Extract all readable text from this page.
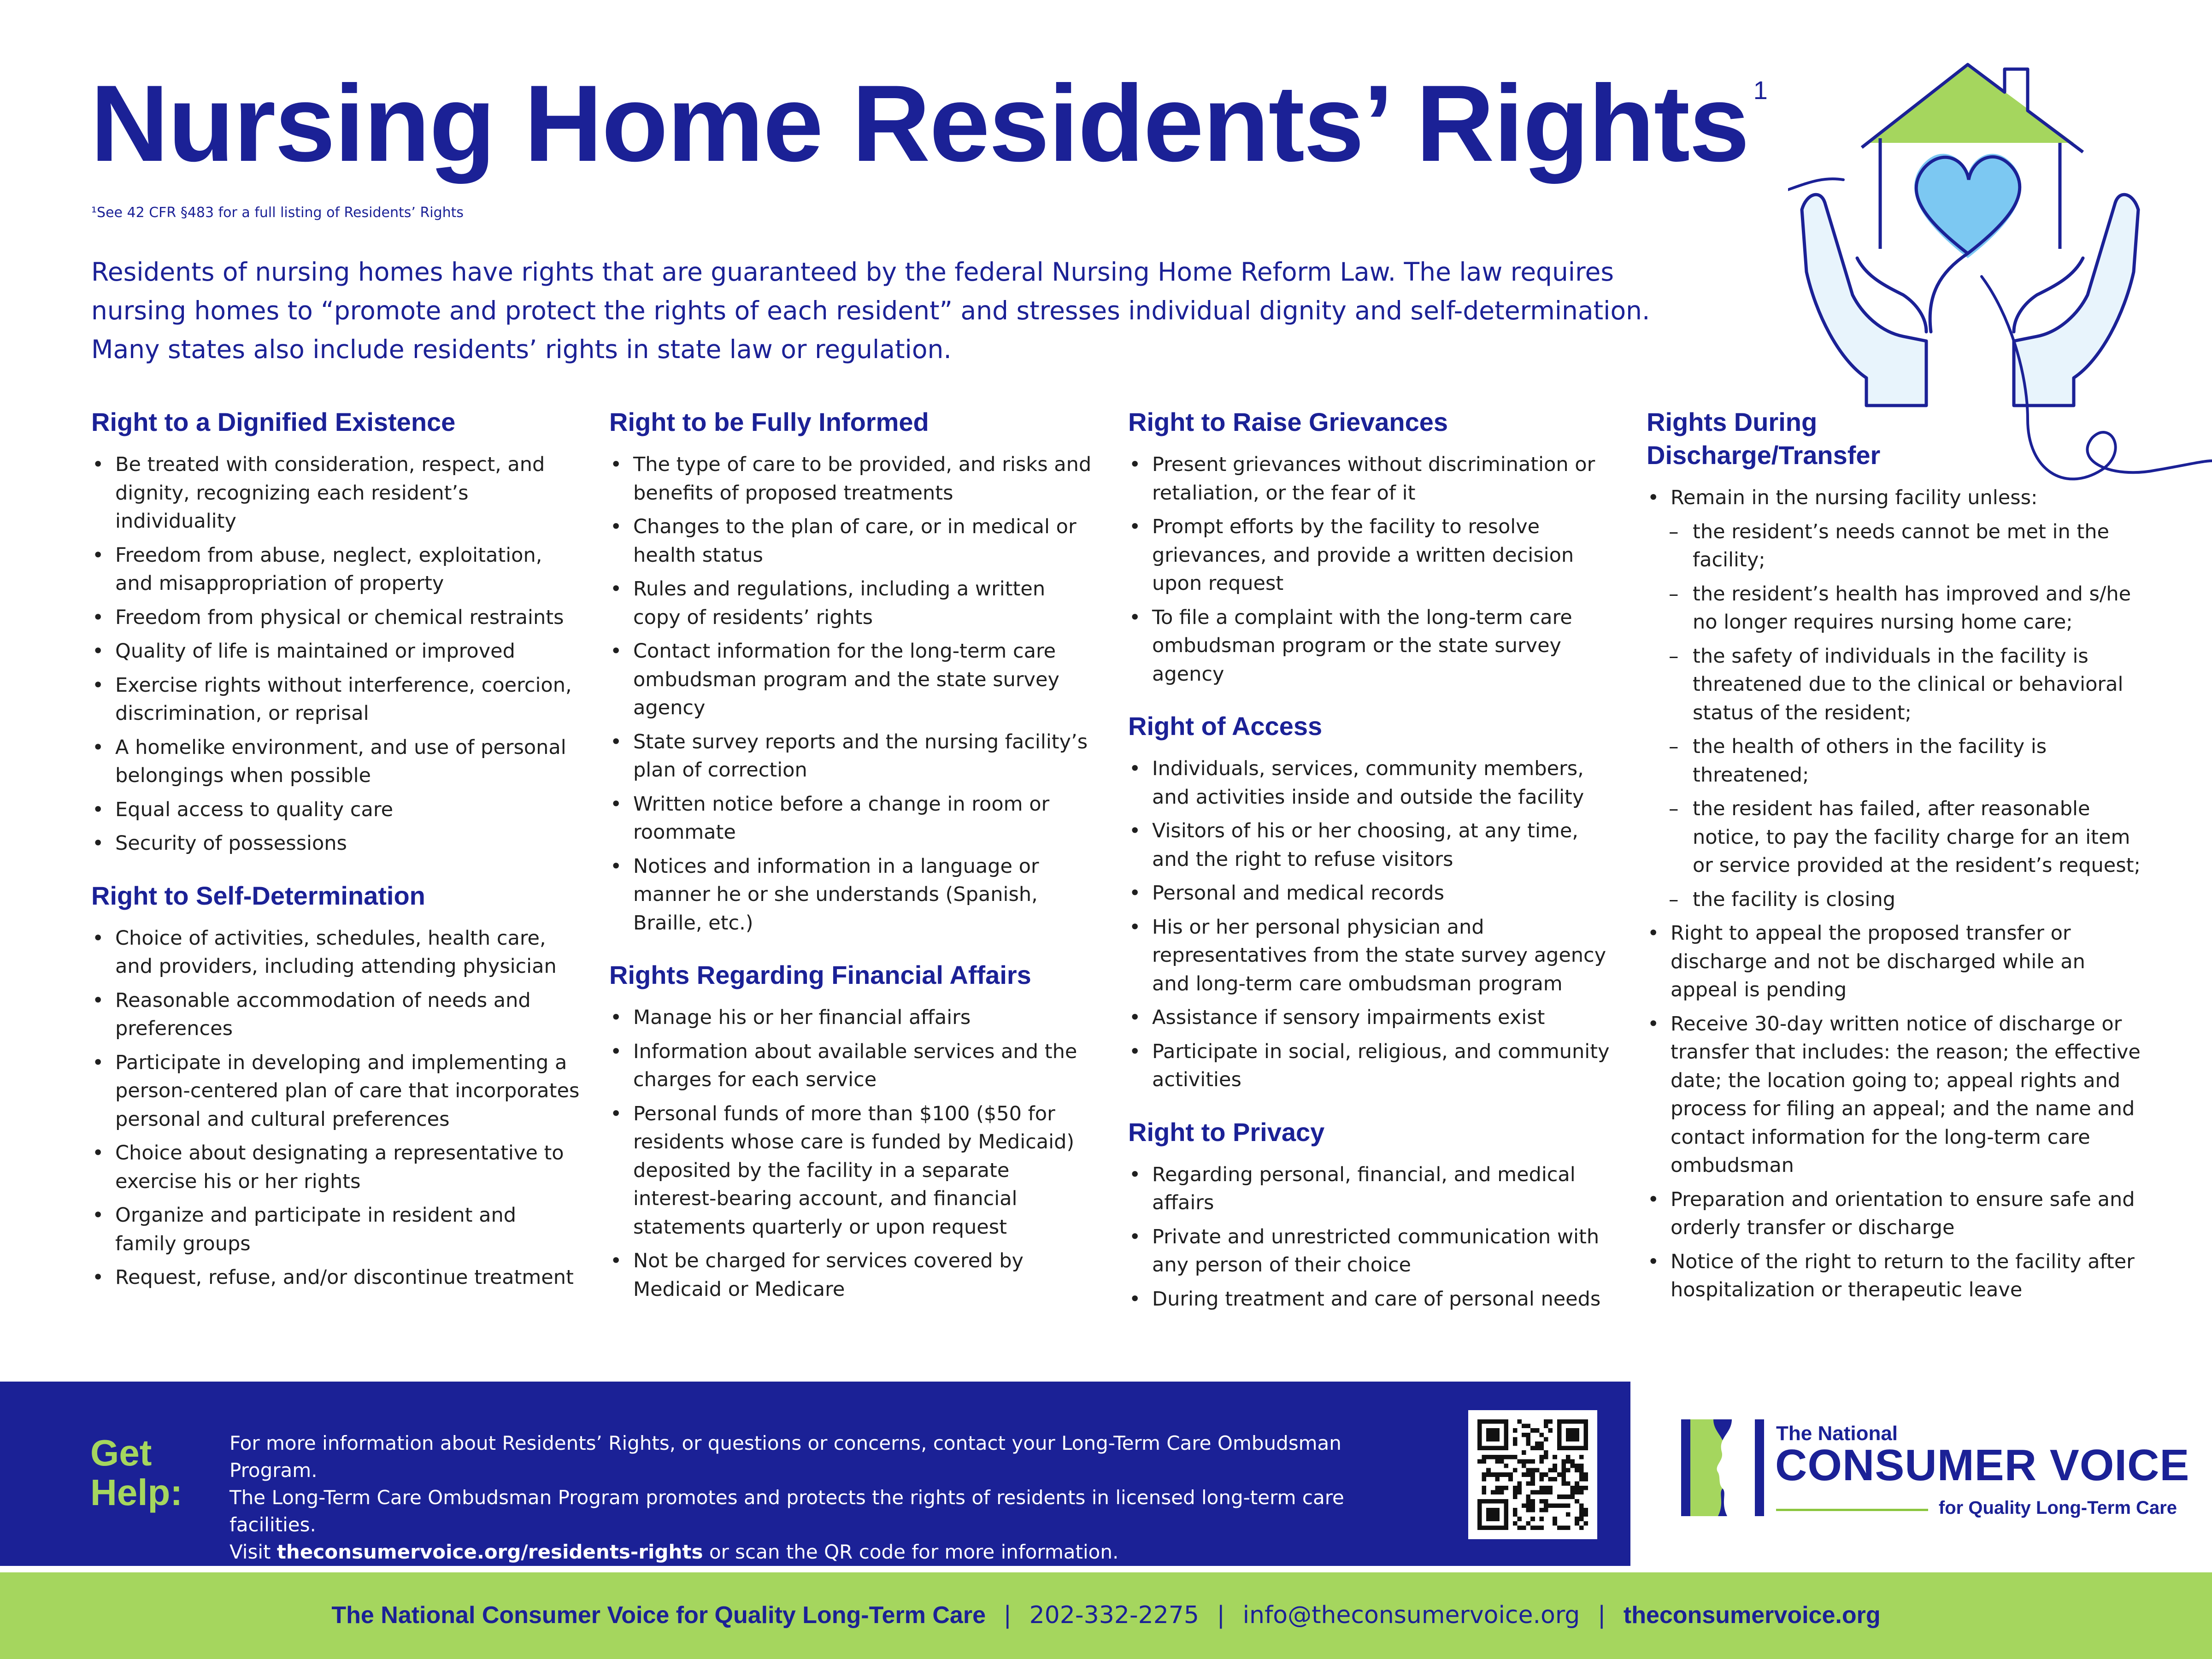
Nursing Home Residents’ Rights $^1$
¹See 42 CFR §483 for a full listing of Residents’ Rights

Residents of nursing homes have rights that are guaranteed by the federal Nursing Home Reform Law. The law requires nursing homes to “promote and protect the rights of each resident” and stresses individual dignity and self-determination. Many states also include residents’ rights in state law or regulation.

Right to a Dignified Existence
• Be treated with consideration, respect, and dignity, recognizing each resident’s individuality
• Freedom from abuse, neglect, exploitation, and misappropriation of property
• Freedom from physical or chemical restraints
• Quality of life is maintained or improved
• Exercise rights without interference, coercion, discrimination, or reprisal
• A homelike environment, and use of personal belongings when possible
• Equal access to quality care
• Security of possessions
Right to Self-Determination
• Choice of activities, schedules, health care, and providers, including attending physician
• Reasonable accommodation of needs and preferences
• Participate in developing and implementing a person-centered plan of care that incorporates personal and cultural preferences
• Choice about designating a representative to exercise his or her rights
• Organize and participate in resident and family groups
• Request, refuse, and/or discontinue treatment
Right to be Fully Informed
• The type of care to be provided, and risks and benefits of proposed treatments
• Changes to the plan of care, or in medical or health status
• Rules and regulations, including a written copy of residents’ rights
• Contact information for the long-term care ombudsman program and the state survey agency
• State survey reports and the nursing facility’s plan of correction
• Written notice before a change in room or roommate
• Notices and information in a language or manner he or she understands (Spanish, Braille, etc.)
Rights Regarding Financial Affairs
• Manage his or her financial affairs
• Information about available services and the charges for each service
• Personal funds of more than $100 ($50 for residents whose care is funded by Medicaid) deposited by the facility in a separate interest-bearing account, and financial statements quarterly or upon request
• Not be charged for services covered by Medicaid or Medicare
Right to Raise Grievances
• Present grievances without discrimination or retaliation, or the fear of it
• Prompt efforts by the facility to resolve grievances, and provide a written decision upon request
• To file a complaint with the long-term care ombudsman program or the state survey agency
Right of Access
• Individuals, services, community members, and activities inside and outside the facility
• Visitors of his or her choosing, at any time, and the right to refuse visitors
• Personal and medical records
• His or her personal physician and representatives from the state survey agency and long-term care ombudsman program
• Assistance if sensory impairments exist
• Participate in social, religious, and community activities
Right to Privacy
• Regarding personal, financial, and medical affairs
• Private and unrestricted communication with any person of their choice
• During treatment and care of personal needs
Rights During Discharge/Transfer
• Remain in the nursing facility unless:
– the resident’s needs cannot be met in the facility;
– the resident’s health has improved and s/he no longer requires nursing home care;
– the safety of individuals in the facility is threatened due to the clinical or behavioral status of the resident;
– the health of others in the facility is threatened;
– the resident has failed, after reasonable notice, to pay the facility charge for an item or service provided at the resident’s request;
– the facility is closing
• Right to appeal the proposed transfer or discharge and not be discharged while an appeal is pending
• Receive 30-day written notice of discharge or transfer that includes: the reason; the effective date; the location going to; appeal rights and process for filing an appeal; and the name and contact information for the long-term care ombudsman
• Preparation and orientation to ensure safe and orderly transfer or discharge
• Notice of the right to return to the facility after hospitalization or therapeutic leave
Get
Help:
For more information about Residents’ Rights, or questions or concerns, contact your Long-Term Care Ombudsman Program.
The Long-Term Care Ombudsman Program promotes and protects the rights of residents in licensed long-term care facilities.
Visit theconsumervoice.org/residents-rights or scan the QR code for more information.
The National
CONSUMER VOICE
for Quality Long-Term Care
The National Consumer Voice for Quality Long-Term Care | 202-332-2275 | info@theconsumervoice.org | theconsumervoice.org
